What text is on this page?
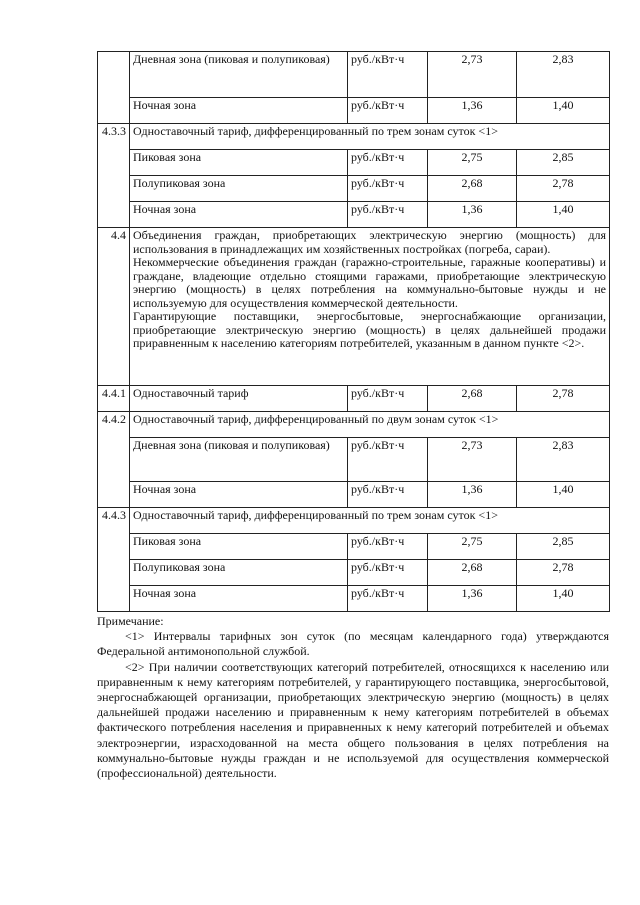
	Дневная зона (пиковая и полупиковая)	руб./кВт·ч	2,73	2,83
	Ночная зона	руб./кВт·ч	1,36	1,40
4.3.3	Одноставочный тариф, дифференцированный по трем зонам суток <1>			
	Пиковая зона	руб./кВт·ч	2,75	2,85
	Полупиковая зона	руб./кВт·ч	2,68	2,78
	Ночная зона	руб./кВт·ч	1,36	1,40
4.4	Объединения граждан, приобретающих электрическую энергию (мощность) для использования в принадлежащих им хозяйственных постройках (погреба, сараи).
Некоммерческие объединения граждан (гаражно-строительные, гаражные кооперативы) и граждане, владеющие отдельно стоящими гаражами, приобретающие электрическую энергию (мощность) в целях потребления на коммунально-бытовые нужды и не используемую для осуществления коммерческой деятельности.
Гарантирующие поставщики, энергосбытовые, энергоснабжающие организации, приобретающие электрическую энергию (мощность) в целях дальнейшей продажи приравненным к населению категориям потребителей, указанным в данном пункте <2>.			

4.4.1	Одноставочный тариф	руб./кВт·ч	2,68	2,78
4.4.2	Одноставочный тариф, дифференцированный по двум зонам суток <1>			
	Дневная зона (пиковая и полупиковая)	руб./кВт·ч	2,73	2,83
	Ночная зона	руб./кВт·ч	1,36	1,40
4.4.3	Одноставочный тариф, дифференцированный по трем зонам суток <1>			
	Пиковая зона	руб./кВт·ч	2,75	2,85
	Полупиковая зона	руб./кВт·ч	2,68	2,78
	Ночная зона	руб./кВт·ч	1,36	1,40

Примечание:

<1> Интервалы тарифных зон суток (по месяцам календарного года) утверждаются Федеральной антимонопольной службой.

<2> При наличии соответствующих категорий потребителей, относящихся к населению или приравненным к нему категориям потребителей, у гарантирующего поставщика, энергосбытовой, энергоснабжающей организации, приобретающих электрическую энергию (мощность) в целях дальнейшей продажи населению и приравненным к нему категориям потребителей в объемах фактического потребления населения и приравненных к нему категорий потребителей и объемах электроэнергии, израсходованной на места общего пользования в целях потребления на коммунально-бытовые нужды граждан и не используемой для осуществления коммерческой (профессиональной) деятельности.
